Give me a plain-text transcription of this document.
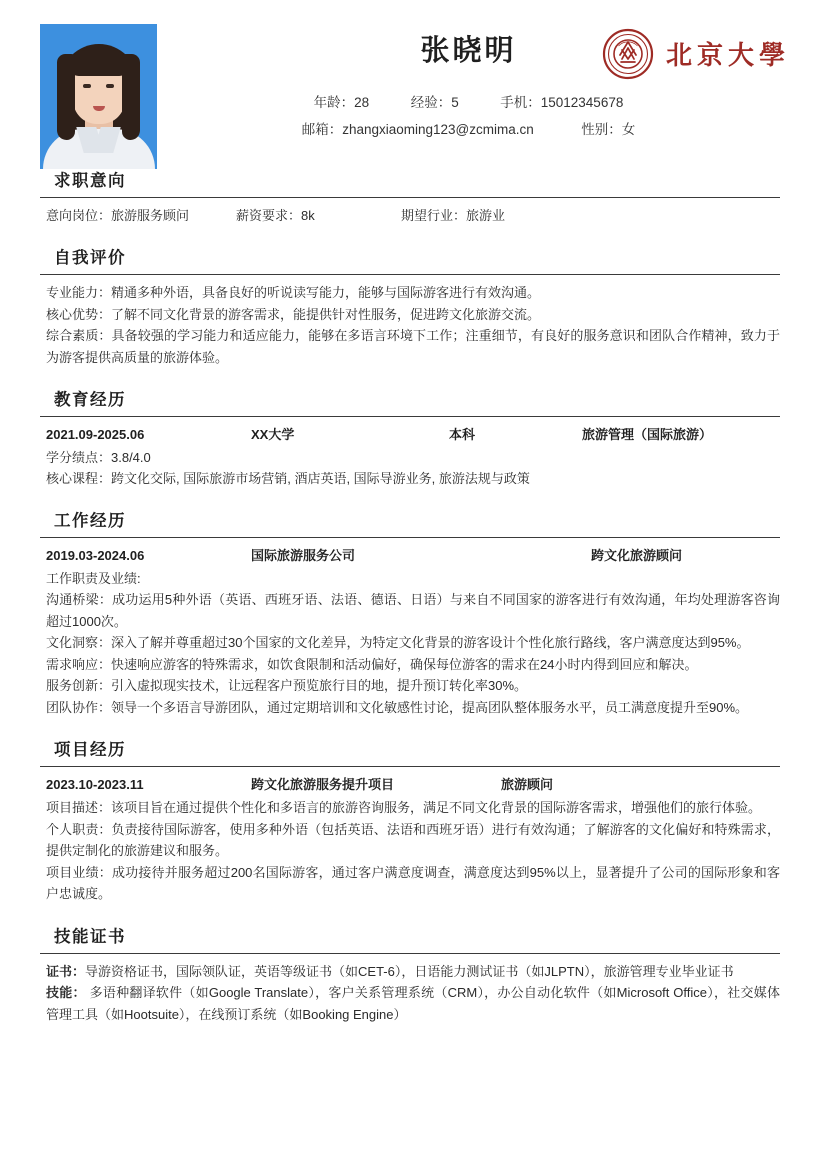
张晓明
年龄：28	经验：5	手机：15012345678
邮箱：zhangxiaoming123@zcmima.cn	性别：女
北京大學
求职意向
意向岗位：旅游服务顾问	薪资要求：8k	期望行业：旅游业
自我评价
专业能力：精通多种外语，具备良好的听说读写能力，能够与国际游客进行有效沟通。
核心优势：了解不同文化背景的游客需求，能提供针对性服务，促进跨文化旅游交流。
综合素质：具备较强的学习能力和适应能力，能够在多语言环境下工作；注重细节，有良好的服务意识和团队合作精神，致力于为游客提供高质量的旅游体验。
教育经历
2021.09-2025.06	XX大学	本科	旅游管理（国际旅游）
学分绩点：3.8/4.0
核心课程：跨文化交际, 国际旅游市场营销, 酒店英语, 国际导游业务, 旅游法规与政策
工作经历
2019.03-2024.06	国际旅游服务公司	跨文化旅游顾问
工作职责及业绩:
沟通桥梁：成功运用5种外语（英语、西班牙语、法语、德语、日语）与来自不同国家的游客进行有效沟通，年均处理游客咨询超过1000次。
文化洞察：深入了解并尊重超过30个国家的文化差异，为特定文化背景的游客设计个性化旅行路线，客户满意度达到95%。
需求响应：快速响应游客的特殊需求，如饮食限制和活动偏好，确保每位游客的需求在24小时内得到回应和解决。
服务创新：引入虚拟现实技术，让远程客户预览旅行目的地，提升预订转化率30%。
团队协作：领导一个多语言导游团队，通过定期培训和文化敏感性讨论，提高团队整体服务水平，员工满意度提升至90%。
项目经历
2023.10-2023.11	跨文化旅游服务提升项目	旅游顾问
项目描述：该项目旨在通过提供个性化和多语言的旅游咨询服务，满足不同文化背景的国际游客需求，增强他们的旅行体验。
个人职责：负责接待国际游客，使用多种外语（包括英语、法语和西班牙语）进行有效沟通；了解游客的文化偏好和特殊需求，提供定制化的旅游建议和服务。
项目业绩：成功接待并服务超过200名国际游客，通过客户满意度调查，满意度达到95%以上，显著提升了公司的国际形象和客户忠诚度。
技能证书
证书：导游资格证书，国际领队证，英语等级证书（如CET-6），日语能力测试证书（如JLPTN），旅游管理专业毕业证书
技能： 多语种翻译软件（如Google Translate），客户关系管理系统（CRM），办公自动化软件（如Microsoft Office），社交媒体管理工具（如Hootsuite），在线预订系统（如Booking Engine）
